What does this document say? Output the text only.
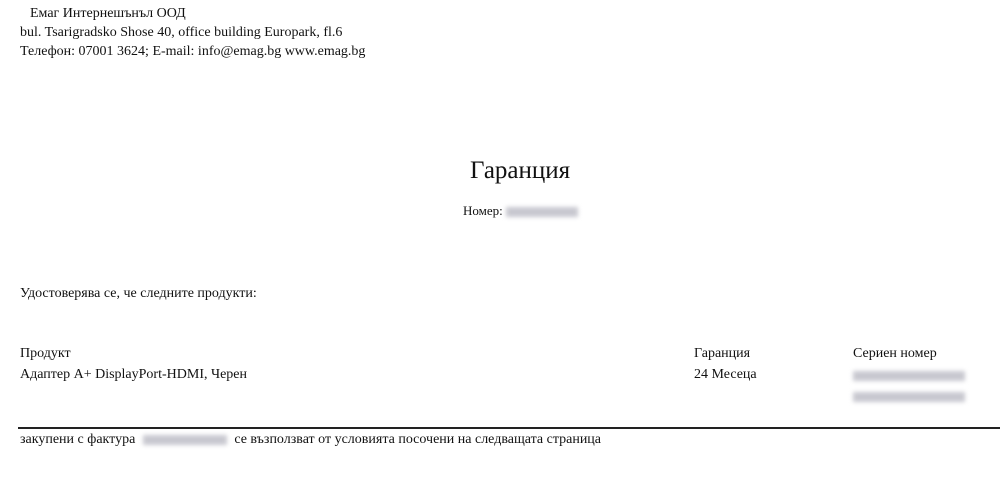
Емаг Интернешънъл ООД
bul. Tsarigradsko Shose 40, office building Europark, fl.6
Телефон: 07001 3624; E-mail: info@emag.bg www.emag.bg
Гаранция
Номер:
Удостоверява се, че следните продукти:
Продукт	Гаранция	Сериен номер
Адаптер A+ DisplayPort-HDMI, Черен	24 Месеца
закупени с фактура	се възползват от условията посочени на следващата страница
